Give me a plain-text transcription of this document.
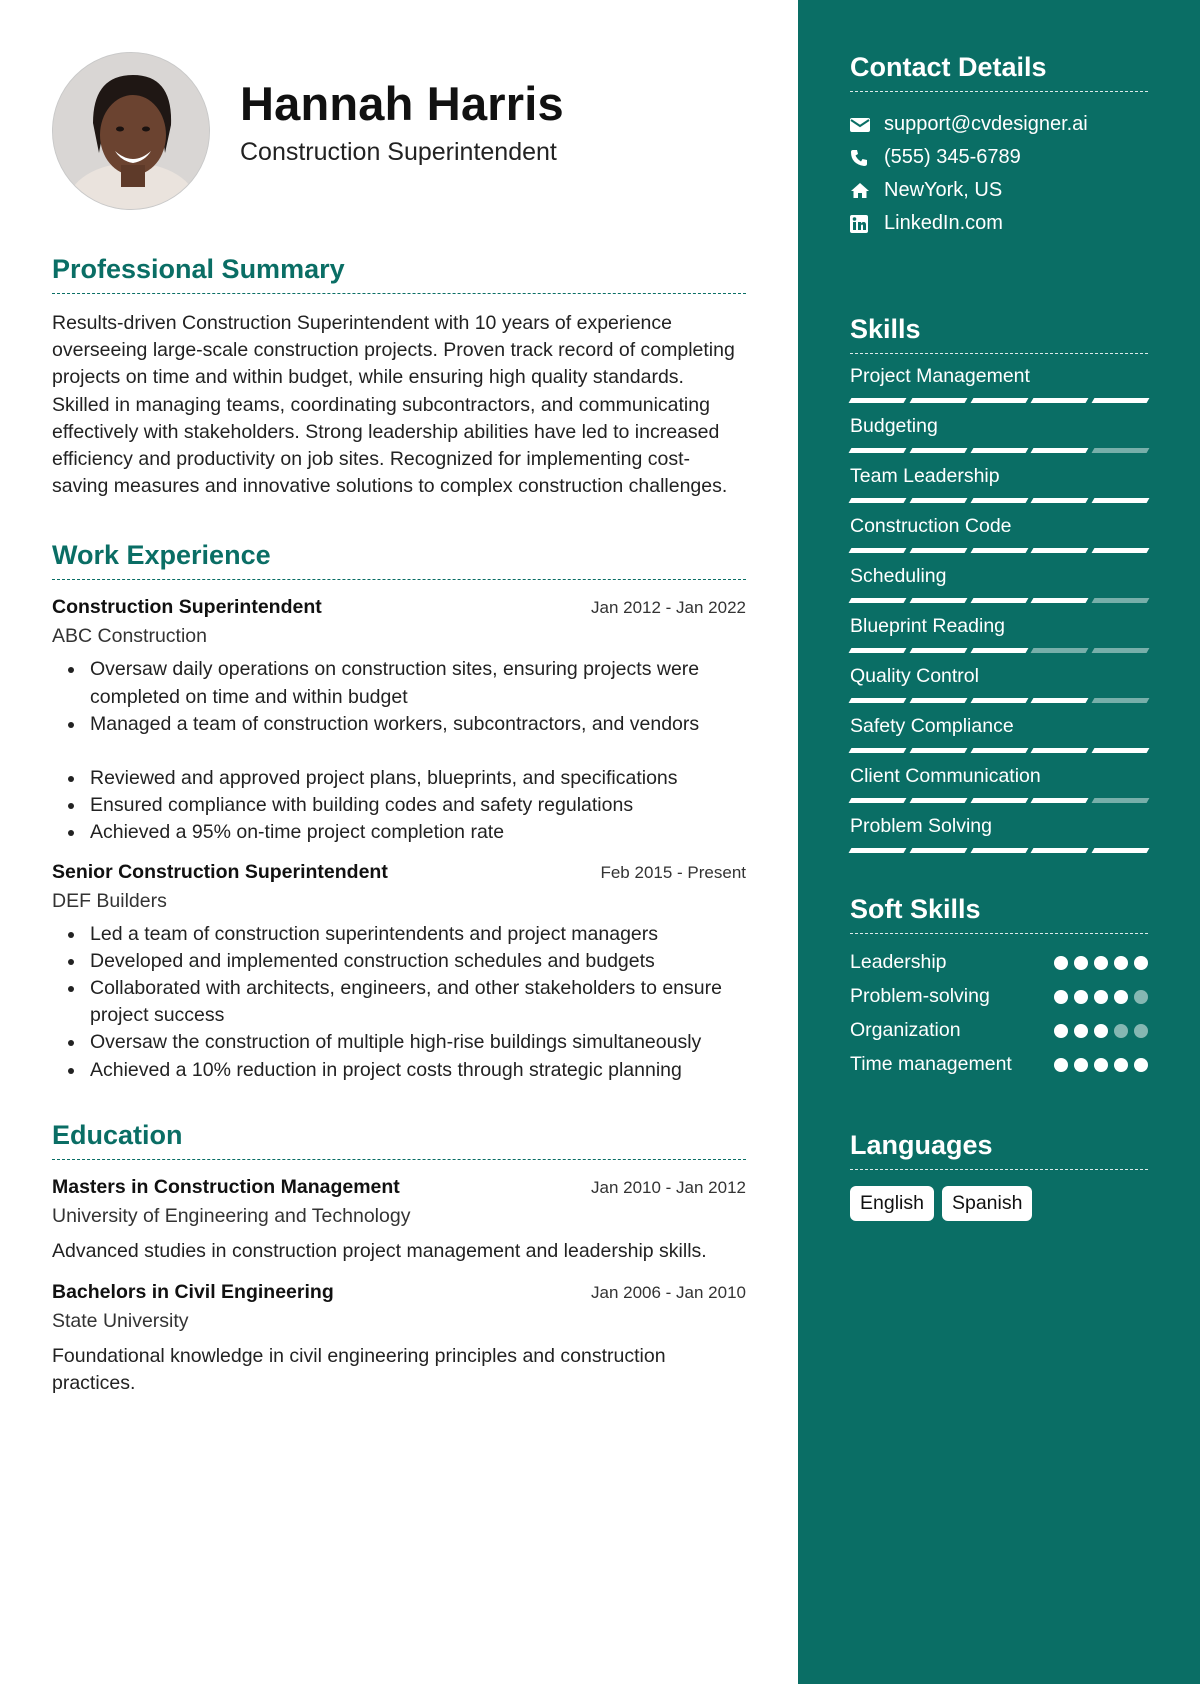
Hannah Harris
Construction Superintendent
Professional Summary

Results-driven Construction Superintendent with 10 years of experience overseeing large-scale construction projects. Proven track record of completing projects on time and within budget, while ensuring high quality standards. Skilled in managing teams, coordinating subcontractors, and communicating effectively with stakeholders. Strong leadership abilities have led to increased efficiency and productivity on job sites. Recognized for implementing cost-saving measures and innovative solutions to complex construction challenges.

Work Experience
Construction Superintendent	Jan 2012 - Jan 2022
ABC Construction
Oversaw daily operations on construction sites, ensuring projects were completed on time and within budget
Managed a team of construction workers, subcontractors, and vendors
Reviewed and approved project plans, blueprints, and specifications
Ensured compliance with building codes and safety regulations
Achieved a 95% on-time project completion rate
Senior Construction Superintendent	Feb 2015 - Present
DEF Builders
Led a team of construction superintendents and project managers
Developed and implemented construction schedules and budgets
Collaborated with architects, engineers, and other stakeholders to ensure project success
Oversaw the construction of multiple high-rise buildings simultaneously
Achieved a 10% reduction in project costs through strategic planning
Education
Masters in Construction Management	Jan 2010 - Jan 2012
University of Engineering and Technology

Advanced studies in construction project management and leadership skills.

Bachelors in Civil Engineering	Jan 2006 - Jan 2010
State University

Foundational knowledge in civil engineering principles and construction practices.

Contact Details
support@cvdesigner.ai
(555) 345-6789
NewYork, US
LinkedIn.com
Skills
Project Management
Budgeting
Team Leadership
Construction Code
Scheduling
Blueprint Reading
Quality Control
Safety Compliance
Client Communication
Problem Solving
Soft Skills
Leadership
Problem-solving
Organization
Time management
Languages
English	Spanish
